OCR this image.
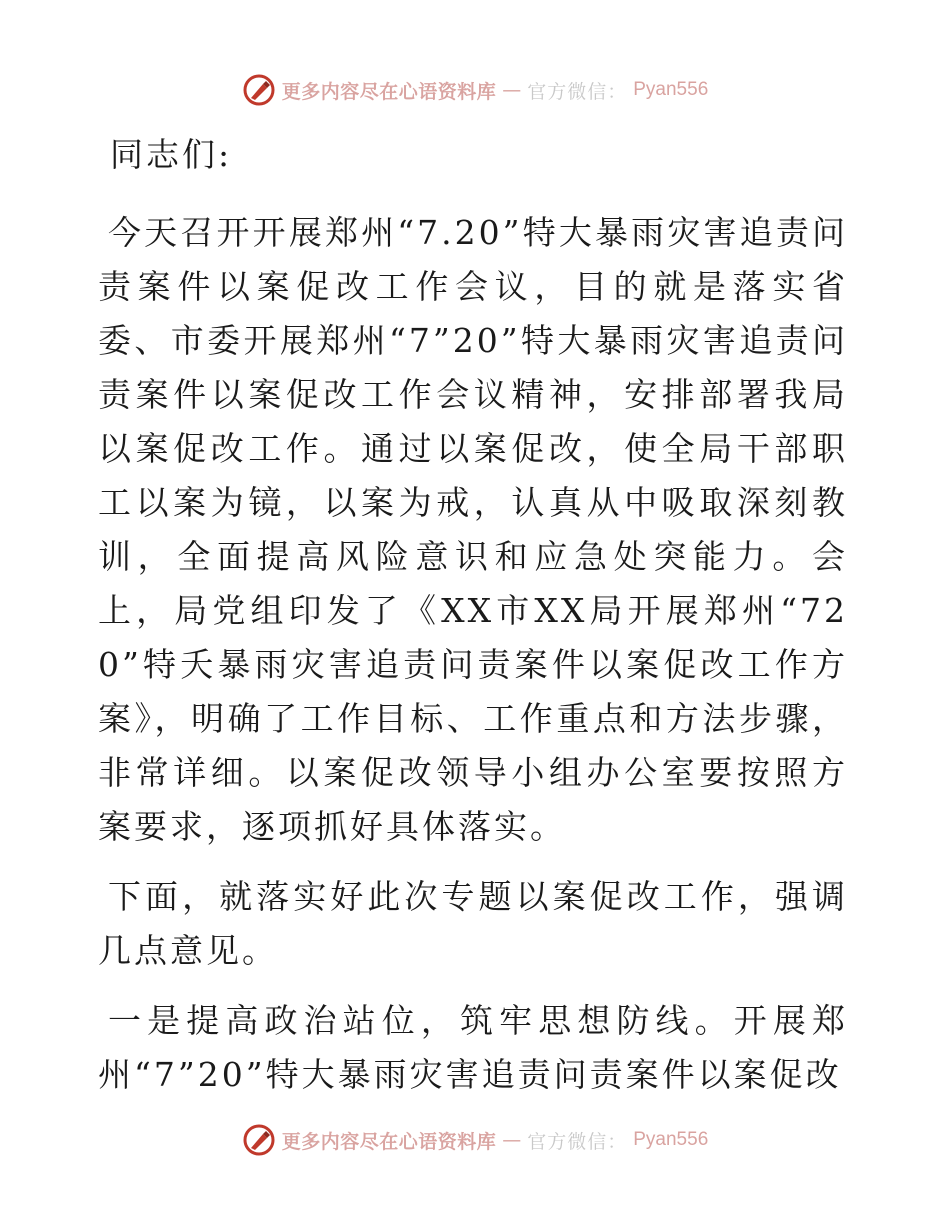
更多内容尽在心语资料库 — 官方微信： Pyan556

同志们:

今天召开开展郑州“7.20”特大暴雨灾害追责问责案件以案促改工作会议，目的就是落实省委、市委开展郑州“7”20”特大暴雨灾害追责问责案件以案促改工作会议精神，安排部署我局以案促改工作。通过以案促改，使全局干部职工以案为镜，以案为戒，认真从中吸取深刻教训，全面提高风险意识和应急处突能力。会上，局党组印发了《XX市XX局开展郑州“720”特夭暴雨灾害追责问责案件以案促改工作方案》，明确了工作目标、工作重点和方法步骤，非常详细。以案促改领导小组办公室要按照方案要求，逐项抓好具体落实。

下面，就落实好此次专题以案促改工作，强调几点意见。

一是提高政治站位，筑牢思想防线。开展郑州“7”20”特大暴雨灾害追责问责案件以案促改

更多内容尽在心语资料库 — 官方微信： Pyan556
